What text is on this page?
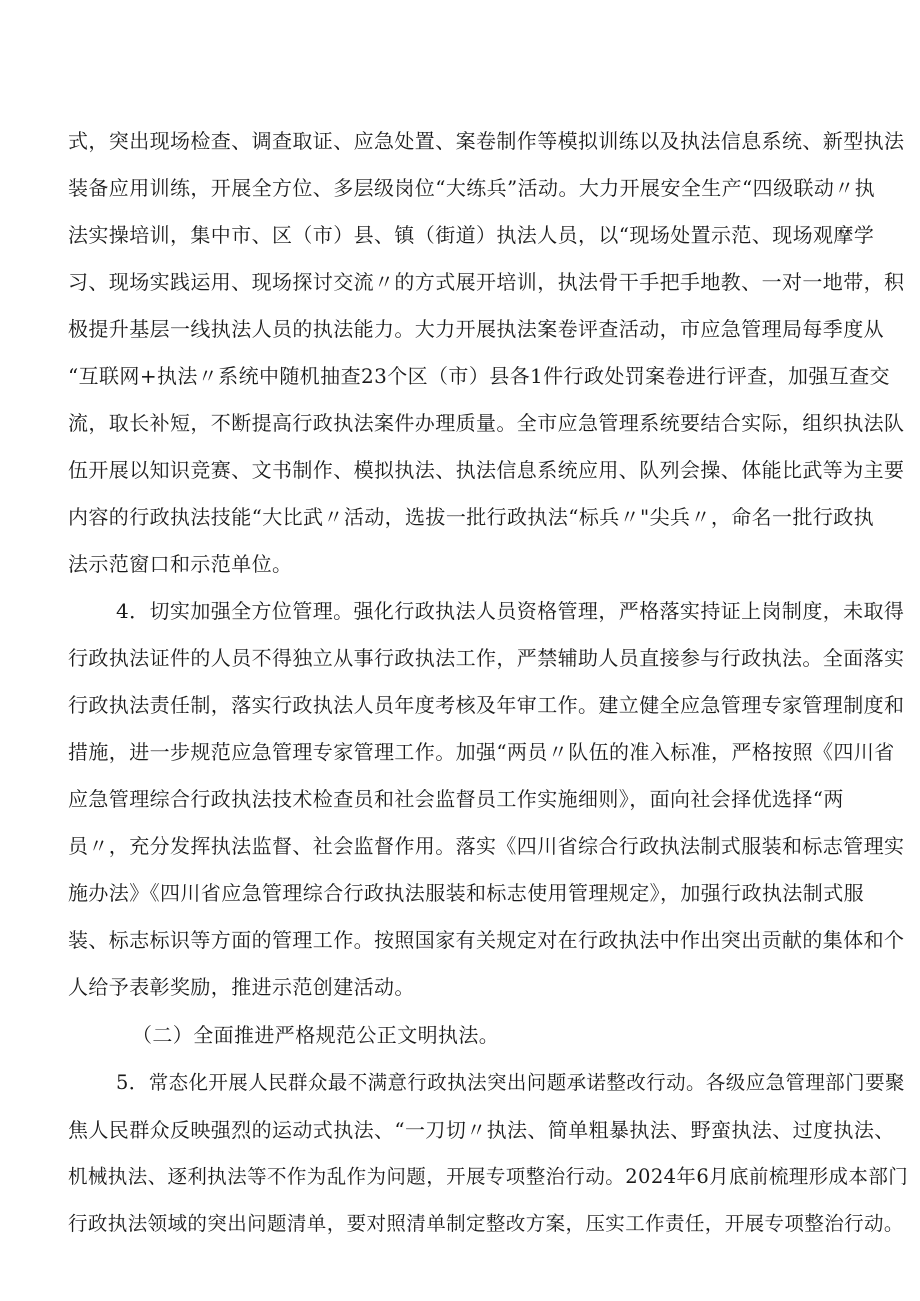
式，突出现场检查、调查取证、应急处置、案卷制作等模拟训练以及执法信息系统、新型执法
装备应用训练，开展全方位、多层级岗位“大练兵”活动。大力开展安全生产“四级联动〃执
法实操培训，集中市、区（市）县、镇（街道）执法人员，以“现场处置示范、现场观摩学
习、现场实践运用、现场探讨交流〃的方式展开培训，执法骨干手把手地教、一对一地带，积
极提升基层一线执法人员的执法能力。大力开展执法案卷评查活动，市应急管理局每季度从
“互联网+执法〃系统中随机抽查23个区（市）县各1件行政处罚案卷进行评查，加强互查交
流，取长补短，不断提高行政执法案件办理质量。全市应急管理系统要结合实际，组织执法队
伍开展以知识竞赛、文书制作、模拟执法、执法信息系统应用、队列会操、体能比武等为主要
内容的行政执法技能“大比武〃活动，选拔一批行政执法“标兵〃"尖兵〃，命名一批行政执
法示范窗口和示范单位。
4．切实加强全方位管理。强化行政执法人员资格管理，严格落实持证上岗制度，未取得
行政执法证件的人员不得独立从事行政执法工作，严禁辅助人员直接参与行政执法。全面落实
行政执法责任制，落实行政执法人员年度考核及年审工作。建立健全应急管理专家管理制度和
措施，进一步规范应急管理专家管理工作。加强“两员〃队伍的准入标准，严格按照《四川省
应急管理综合行政执法技术检查员和社会监督员工作实施细则》，面向社会择优选择“两
员〃，充分发挥执法监督、社会监督作用。落实《四川省综合行政执法制式服装和标志管理实
施办法》《四川省应急管理综合行政执法服装和标志使用管理规定》，加强行政执法制式服
装、标志标识等方面的管理工作。按照国家有关规定对在行政执法中作出突出贡献的集体和个
人给予表彰奖励，推进示范创建活动。
（二）全面推进严格规范公正文明执法。
5．常态化开展人民群众最不满意行政执法突出问题承诺整改行动。各级应急管理部门要聚
焦人民群众反映强烈的运动式执法、“一刀切〃执法、简单粗暴执法、野蛮执法、过度执法、
机械执法、逐利执法等不作为乱作为问题，开展专项整治行动。2024年6月底前梳理形成本部门
行政执法领域的突出问题清单，要对照清单制定整改方案，压实工作责任，开展专项整治行动。
